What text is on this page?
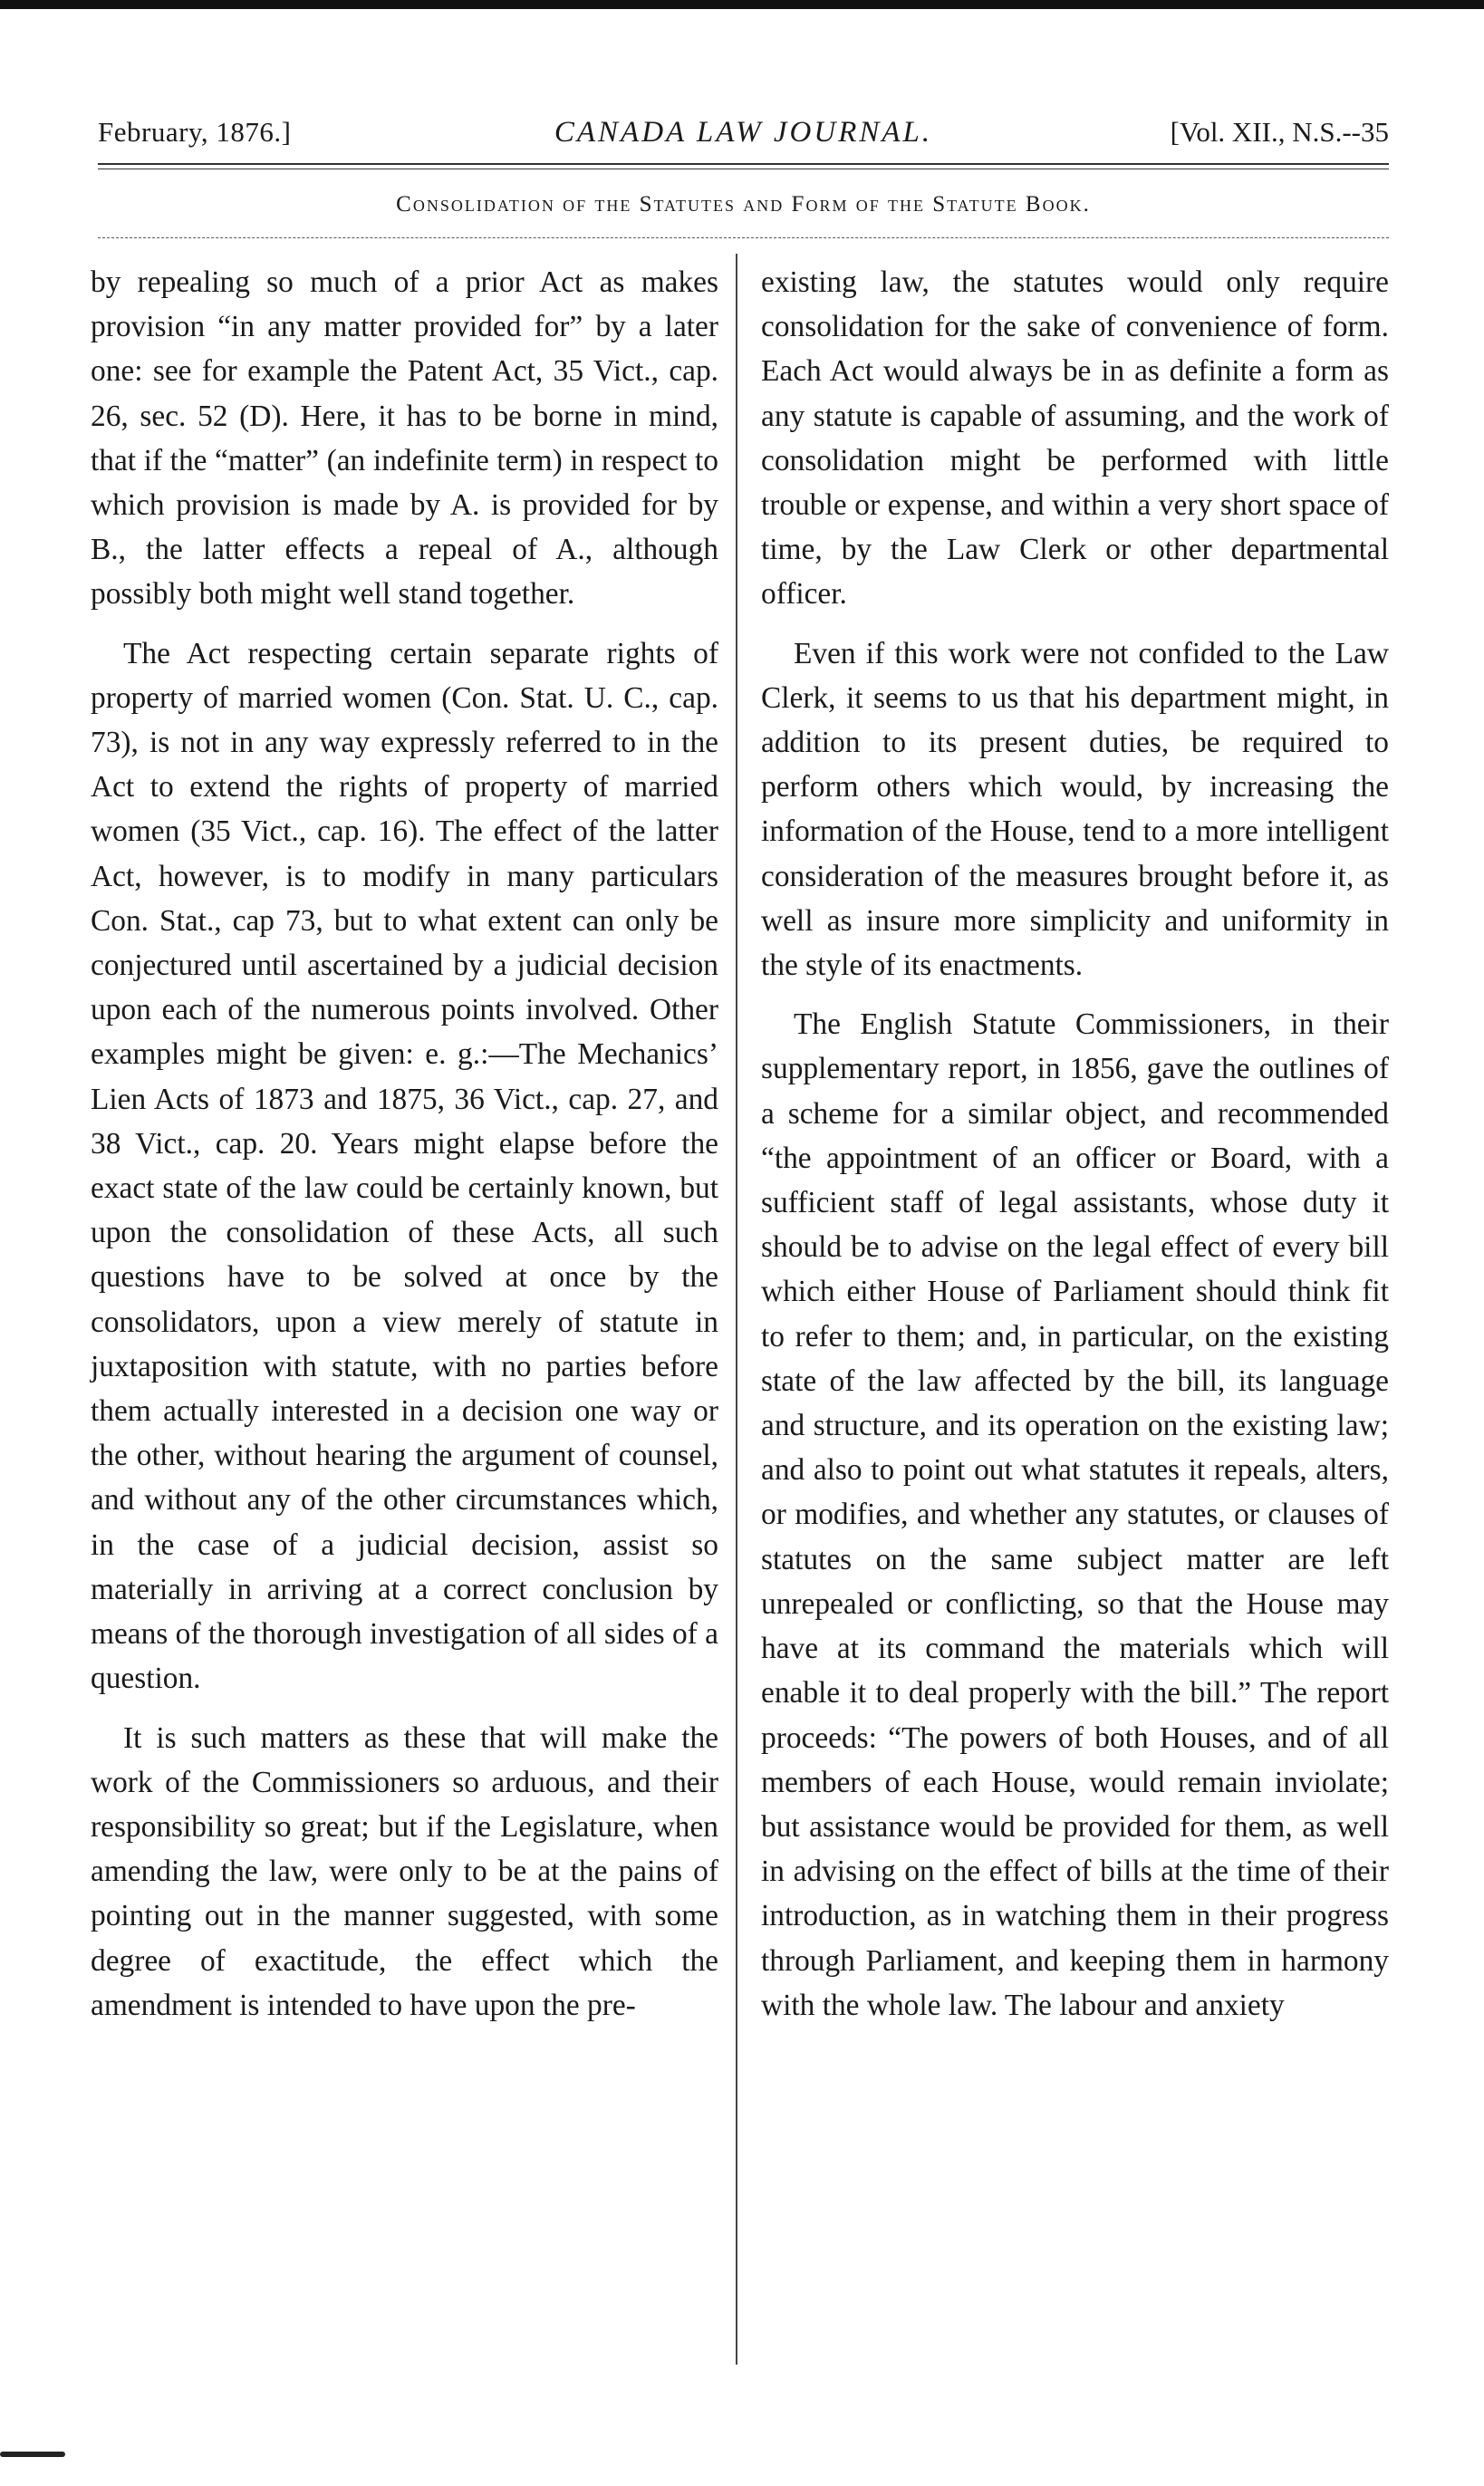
February, 1876.]	CANADA LAW JOURNAL.	[Vol. XII., N.S.--35
Consolidation of the Statutes and Form of the Statute Book.

by repealing so much of a prior Act as makes provision “in any matter provided for” by a later one: see for example the Patent Act, 35 Vict., cap. 26, sec. 52 (D). Here, it has to be borne in mind, that if the “matter” (an indefinite term) in respect to which provision is made by A. is provided for by B., the latter effects a repeal of A., although possibly both might well stand together.

The Act respecting certain separate rights of property of married women (Con. Stat. U. C., cap. 73), is not in any way expressly referred to in the Act to extend the rights of property of married women (35 Vict., cap. 16). The effect of the latter Act, however, is to modify in many particulars Con. Stat., cap 73, but to what extent can only be conjectured until ascertained by a judicial decision upon each of the numerous points involved. Other examples might be given: e. g.:—The Mechanics’ Lien Acts of 1873 and 1875, 36 Vict., cap. 27, and 38 Vict., cap. 20. Years might elapse before the exact state of the law could be certainly known, but upon the consolidation of these Acts, all such questions have to be solved at once by the consolidators, upon a view merely of statute in juxtaposition with statute, with no parties before them actually interested in a decision one way or the other, without hearing the argument of counsel, and without any of the other circumstances which, in the case of a judicial decision, assist so materially in arriving at a correct conclusion by means of the thorough investigation of all sides of a question.

It is such matters as these that will make the work of the Commissioners so arduous, and their responsibility so great; but if the Legislature, when amending the law, were only to be at the pains of pointing out in the manner suggested, with some degree of exactitude, the effect which the amendment is intended to have upon the pre-

existing law, the statutes would only require consolidation for the sake of convenience of form. Each Act would always be in as definite a form as any statute is capable of assuming, and the work of consolidation might be performed with little trouble or expense, and within a very short space of time, by the Law Clerk or other departmental officer.

Even if this work were not confided to the Law Clerk, it seems to us that his department might, in addition to its present duties, be required to perform others which would, by increasing the information of the House, tend to a more intelligent consideration of the measures brought before it, as well as insure more simplicity and uniformity in the style of its enactments.

The English Statute Commissioners, in their supplementary report, in 1856, gave the outlines of a scheme for a similar object, and recommended “the appointment of an officer or Board, with a sufficient staff of legal assistants, whose duty it should be to advise on the legal effect of every bill which either House of Parliament should think fit to refer to them; and, in particular, on the existing state of the law affected by the bill, its language and structure, and its operation on the existing law; and also to point out what statutes it repeals, alters, or modifies, and whether any statutes, or clauses of statutes on the same subject matter are left unrepealed or conflicting, so that the House may have at its command the materials which will enable it to deal properly with the bill.” The report proceeds: “The powers of both Houses, and of all members of each House, would remain inviolate; but assistance would be provided for them, as well in advising on the effect of bills at the time of their introduction, as in watching them in their progress through Parliament, and keeping them in harmony with the whole law. The labour and anxiety
